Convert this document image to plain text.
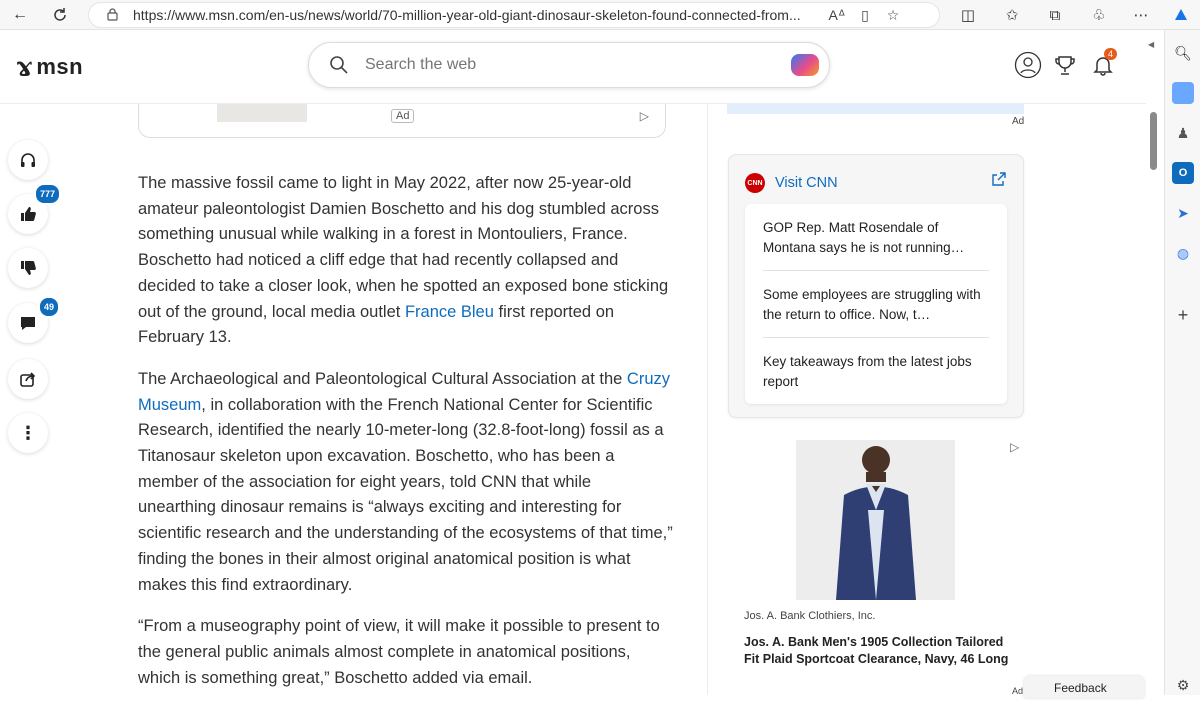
←	https://www.msn.com/en-us/news/world/70-million-year-old-giant-dinosaur-skeleton-found-connected-from...	Aᐞ	▯	☆	◫	✩	⧉	♧	⋯
🔍︎
♟
O
➤
◍
+
⚙
◀
ɤ msn
Search the web	4
777
49
⋮
Ad	▷

The massive fossil came to light in May 2022, after now 25-year-old amateur paleontologist Damien Boschetto and his dog stumbled across something unusual while walking in a forest in Montouliers, France. Boschetto had noticed a cliff edge that had recently collapsed and decided to take a closer look, when he spotted an exposed bone sticking out of the ground, local media outlet France Bleu first reported on February 13.

The Archaeological and Paleontological Cultural Association at the Cruzy Museum, in collaboration with the French National Center for Scientific Research, identified the nearly 10-meter-long (32.8-foot-long) fossil as a Titanosaur skeleton upon excavation. Boschetto, who has been a member of the association for eight years, told CNN that while unearthing dinosaur remains is “always exciting and interesting for scientific research and the understanding of the ecosystems of that time,” finding the bones in their almost original anatomical position is what makes this find extraordinary.

“From a museography point of view, it will make it possible to present to the general public animals almost complete in anatomical positions, which is something great,” Boschetto added via email.

Ad
CNN Visit CNN
GOP Rep. Matt Rosendale of Montana says he is not running…
Some employees are struggling with the return to office. Now, t…
Key takeaways from the latest jobs report
▷
Jos. A. Bank Clothiers, Inc.
Jos. A. Bank Men's 1905 Collection Tailored Fit Plaid Sportcoat Clearance, Navy, 46 Long
Ad	Feedback
